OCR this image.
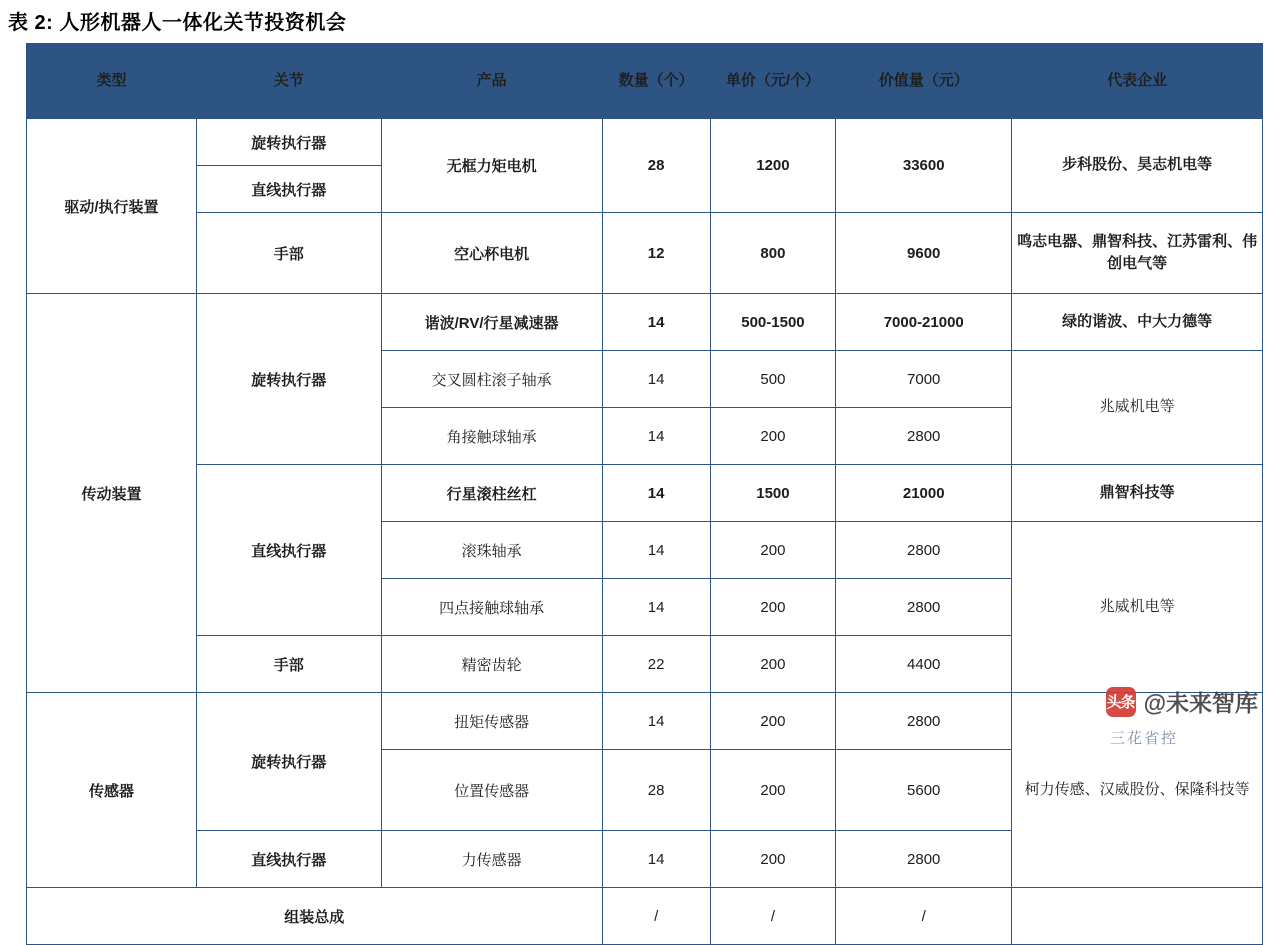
表 2: 人形机器人一体化关节投资机会
类型	关节	产品	数量（个）	单价（元/个）	价值量（元）	代表企业
驱动/执行装置	旋转执行器	无框力矩电机	28	1200	33600	步科股份、昊志机电等
	直线执行器					
	手部	空心杯电机	12	800	9600	鸣志电器、鼎智科技、江苏雷利、伟创电气等
传动装置	旋转执行器	谐波/RV/行星减速器	14	500-1500	7000-21000	绿的谐波、中大力德等
		交叉圆柱滚子轴承	14	500	7000	兆威机电等
		角接触球轴承	14	200	2800	
	直线执行器	行星滚柱丝杠	14	1500	21000	鼎智科技等
		滚珠轴承	14	200	2800	兆威机电等
		四点接触球轴承	14	200	2800	
	手部	精密齿轮	22	200	4400	
传感器	旋转执行器	扭矩传感器	14	200	2800	柯力传感、汉威股份、保隆科技等
		位置传感器	28	200	5600	
	直线执行器	力传感器	14	200	2800	
组装总成			/	/	/	
头条 @未来智库
三花省控
